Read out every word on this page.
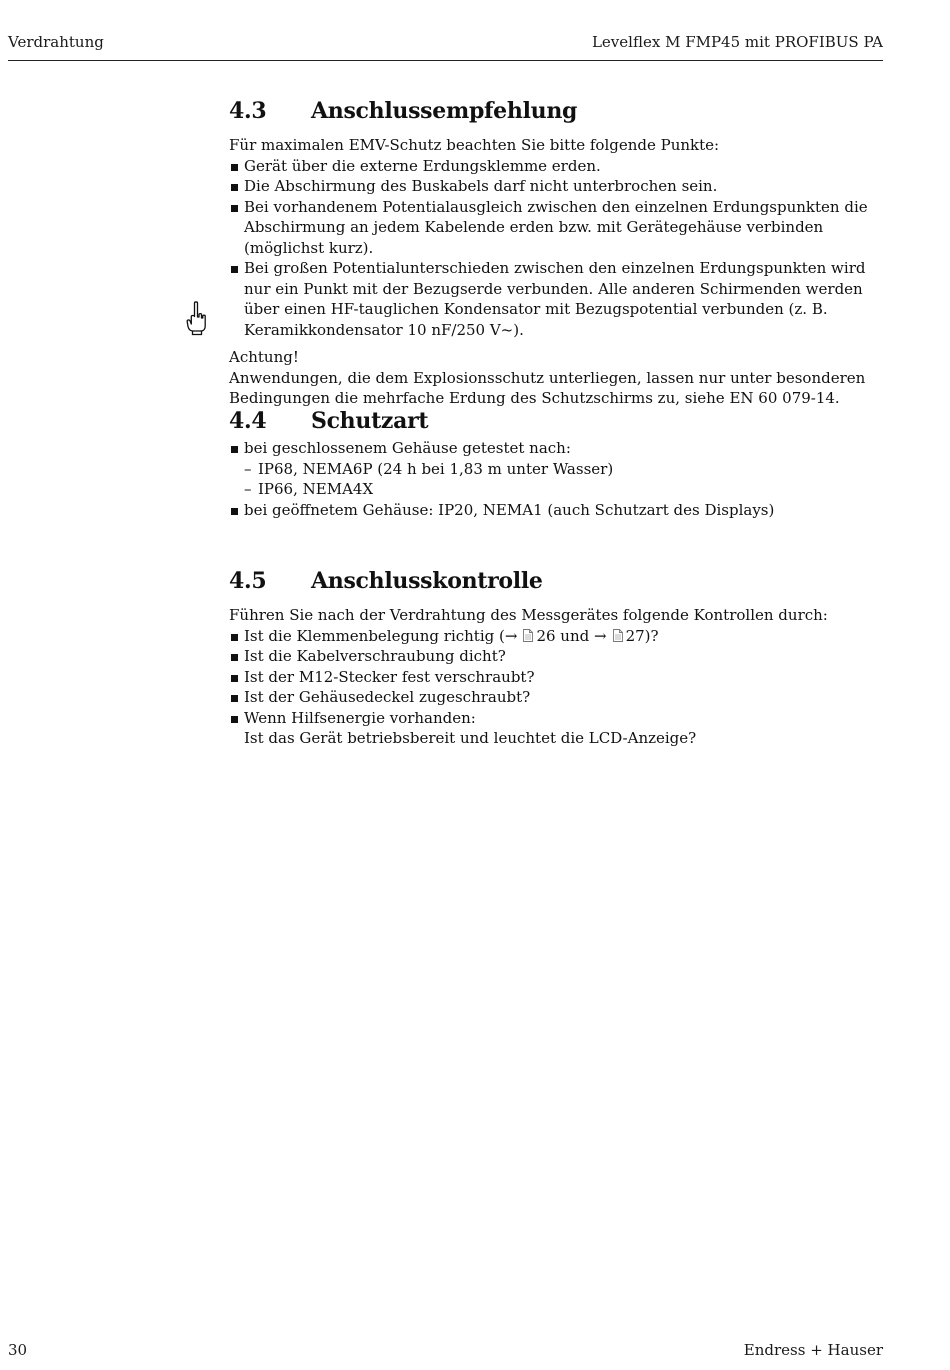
Verdrahtung	Levelflex M FMP45 mit PROFIBUS PA
4.3 Anschlussempfehlung

Für maximalen EMV-Schutz beachten Sie bitte folgende Punkte:

Gerät über die externe Erdungsklemme erden.
Die Abschirmung des Buskabels darf nicht unterbrochen sein.
Bei vorhandenem Potentialausgleich zwischen den einzelnen Erdungspunkten die Abschirmung an jedem Kabelende erden bzw. mit Gerätegehäuse verbinden (möglichst kurz).
Bei großen Potentialunterschieden zwischen den einzelnen Erdungspunkten wird nur ein Punkt mit der Bezugserde verbunden. Alle anderen Schirmenden werden über einen HF-tauglichen Kondensator mit Bezugspotential verbunden (z. B. Keramikkondensator 10 nF/250 V~).

Achtung!

Anwendungen, die dem Explosionsschutz unterliegen, lassen nur unter besonderen Bedingungen die mehrfache Erdung des Schutzschirms zu, siehe EN 60 079-14.

4.4 Schutzart
bei geschlossenem Gehäuse getestet nach:
– IP68, NEMA6P (24 h bei 1,83 m unter Wasser)
– IP66, NEMA4X
bei geöffnetem Gehäuse: IP20, NEMA1 (auch Schutzart des Displays)
4.5 Anschlusskontrolle

Führen Sie nach der Verdrahtung des Messgerätes folgende Kontrollen durch:

Ist die Klemmenbelegung richtig (→ 26 und → 27)?
Ist die Kabelverschraubung dicht?
Ist der M12-Stecker fest verschraubt?
Ist der Gehäusedeckel zugeschraubt?
Wenn Hilfsenergie vorhanden:
Ist das Gerät betriebsbereit und leuchtet die LCD-Anzeige?
30	Endress + Hauser
